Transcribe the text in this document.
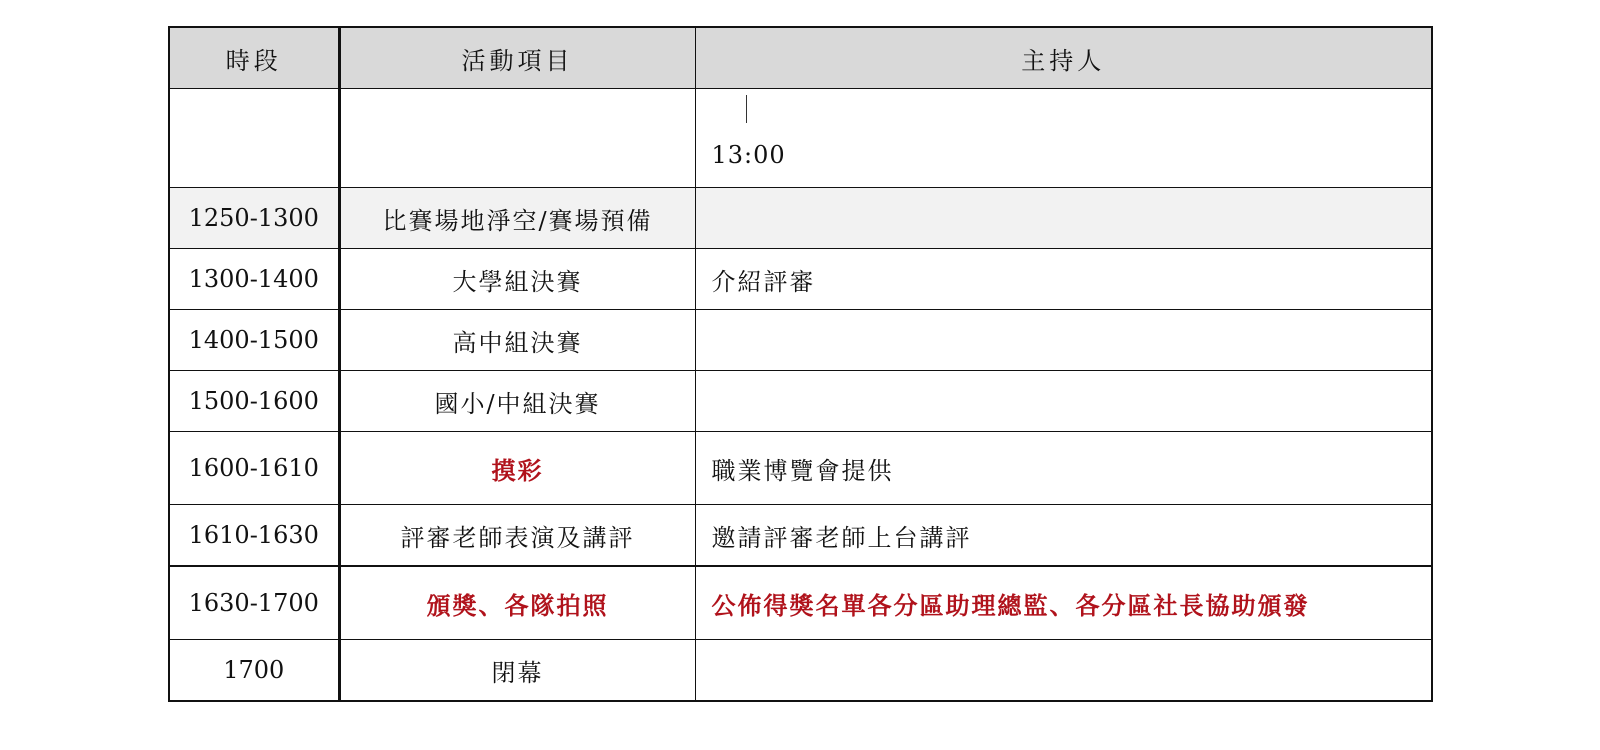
時段	活動項目	主持人

		13:00

1250-1300	比賽場地淨空/賽場預備	
1300-1400	大學組決賽	介紹評審
1400-1500	高中組決賽	
1500-1600	國小/中組決賽	
1600-1610	摸彩	職業博覽會提供
1610-1630	評審老師表演及講評	邀請評審老師上台講評
1630-1700	頒獎、各隊拍照	公佈得獎名單各分區助理總監、各分區社長協助頒發
1700	閉幕	
